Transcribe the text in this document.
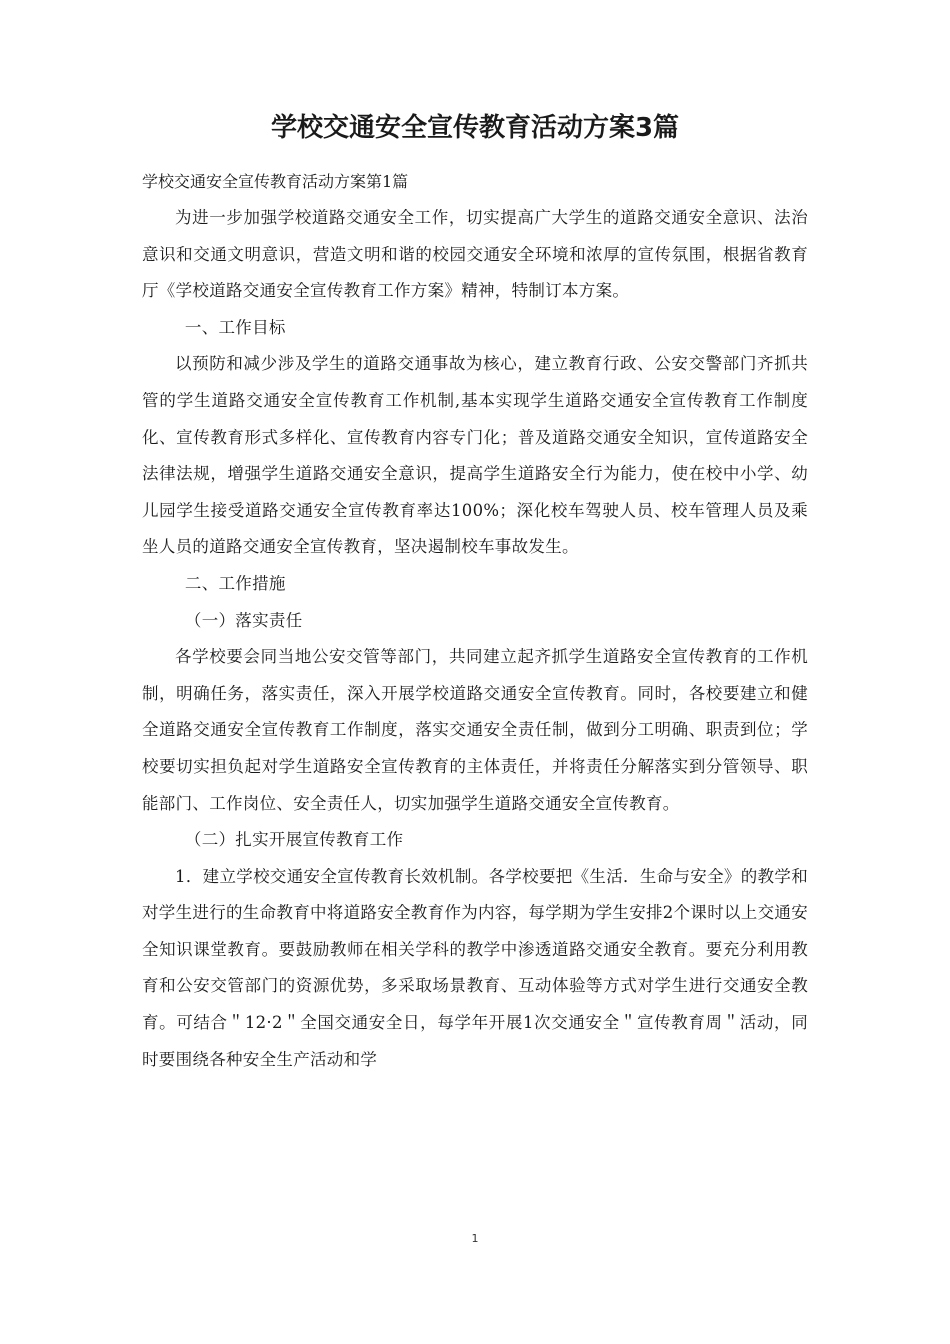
学校交通安全宣传教育活动方案3篇

学校交通安全宣传教育活动方案第1篇

为进一步加强学校道路交通安全工作，切实提高广大学生的道路交通安全意识、法治意识和交通文明意识，营造文明和谐的校园交通安全环境和浓厚的宣传氛围，根据省教育厅《学校道路交通安全宣传教育工作方案》精神，特制订本方案。

一、工作目标

以预防和减少涉及学生的道路交通事故为核心，建立教育行政、公安交警部门齐抓共管的学生道路交通安全宣传教育工作机制,基本实现学生道路交通安全宣传教育工作制度化、宣传教育形式多样化、宣传教育内容专门化；普及道路交通安全知识，宣传道路安全法律法规，增强学生道路交通安全意识，提高学生道路安全行为能力，使在校中小学、幼儿园学生接受道路交通安全宣传教育率达100%；深化校车驾驶人员、校车管理人员及乘坐人员的道路交通安全宣传教育，坚决遏制校车事故发生。

二、工作措施

（一）落实责任

各学校要会同当地公安交管等部门，共同建立起齐抓学生道路安全宣传教育的工作机制，明确任务，落实责任，深入开展学校道路交通安全宣传教育。同时，各校要建立和健全道路交通安全宣传教育工作制度，落实交通安全责任制，做到分工明确、职责到位；学校要切实担负起对学生道路安全宣传教育的主体责任，并将责任分解落实到分管领导、职能部门、工作岗位、安全责任人，切实加强学生道路交通安全宣传教育。

（二）扎实开展宣传教育工作

1．建立学校交通安全宣传教育长效机制。各学校要把《生活．生命与安全》的教学和对学生进行的生命教育中将道路安全教育作为内容，每学期为学生安排2个课时以上交通安全知识课堂教育。要鼓励教师在相关学科的教学中渗透道路交通安全教育。要充分利用教育和公安交管部门的资源优势，多采取场景教育、互动体验等方式对学生进行交通安全教育。可结合＂12·2＂全国交通安全日，每学年开展1次交通安全＂宣传教育周＂活动，同时要围绕各种安全生产活动和学

1
